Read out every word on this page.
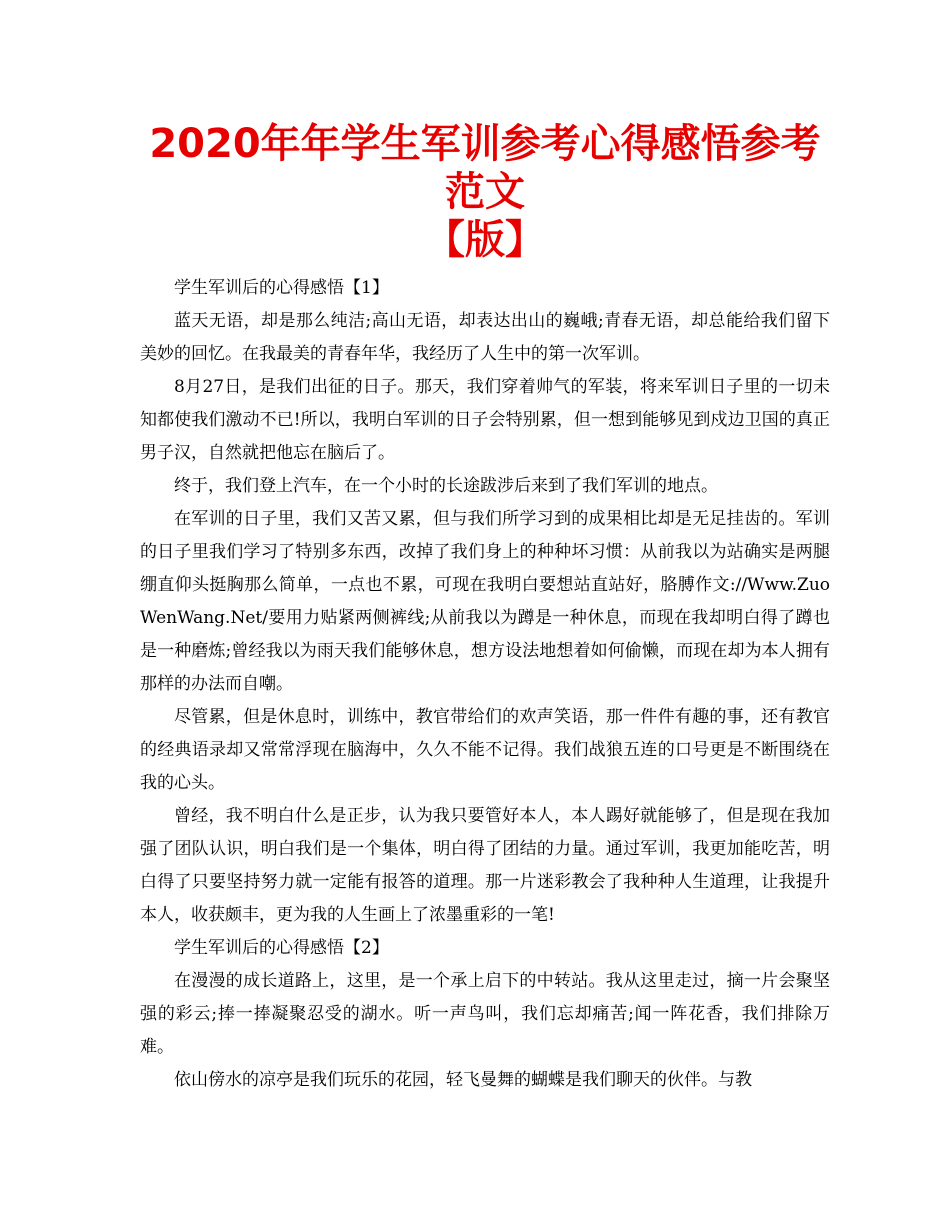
2020年年学生军训参考心得感悟参考范文
【版】

学生军训后的心得感悟【1】

蓝天无语，却是那么纯洁;高山无语，却表达出山的巍峨;青春无语，却总能给我们留下美妙的回忆。在我最美的青春年华，我经历了人生中的第一次军训。

8月27日，是我们出征的日子。那天，我们穿着帅气的军装，将来军训日子里的一切未知都使我们激动不已!所以，我明白军训的日子会特别累，但一想到能够见到戍边卫国的真正男子汉，自然就把他忘在脑后了。

终于，我们登上汽车，在一个小时的长途跋涉后来到了我们军训的地点。

在军训的日子里，我们又苦又累，但与我们所学习到的成果相比却是无足挂齿的。军训的日子里我们学习了特别多东西，改掉了我们身上的种种坏习惯：从前我以为站确实是两腿绷直仰头挺胸那么简单，一点也不累，可现在我明白要想站直站好，胳膊作文://Www.ZuoWenWang.Net/要用力贴紧两侧裤线;从前我以为蹲是一种休息，而现在我却明白得了蹲也是一种磨炼;曾经我以为雨天我们能够休息，想方设法地想着如何偷懒，而现在却为本人拥有那样的办法而自嘲。

尽管累，但是休息时，训练中，教官带给们的欢声笑语，那一件件有趣的事，还有教官的经典语录却又常常浮现在脑海中，久久不能不记得。我们战狼五连的口号更是不断围绕在我的心头。

曾经，我不明白什么是正步，认为我只要管好本人，本人踢好就能够了，但是现在我加强了团队认识，明白我们是一个集体，明白得了团结的力量。通过军训，我更加能吃苦，明白得了只要坚持努力就一定能有报答的道理。那一片迷彩教会了我种种人生道理，让我提升本人，收获颇丰，更为我的人生画上了浓墨重彩的一笔!

学生军训后的心得感悟【2】

在漫漫的成长道路上，这里，是一个承上启下的中转站。我从这里走过，摘一片会聚坚强的彩云;捧一捧凝聚忍受的湖水。听一声鸟叫，我们忘却痛苦;闻一阵花香，我们排除万难。

依山傍水的凉亭是我们玩乐的花园，轻飞曼舞的蝴蝶是我们聊天的伙伴。与教
